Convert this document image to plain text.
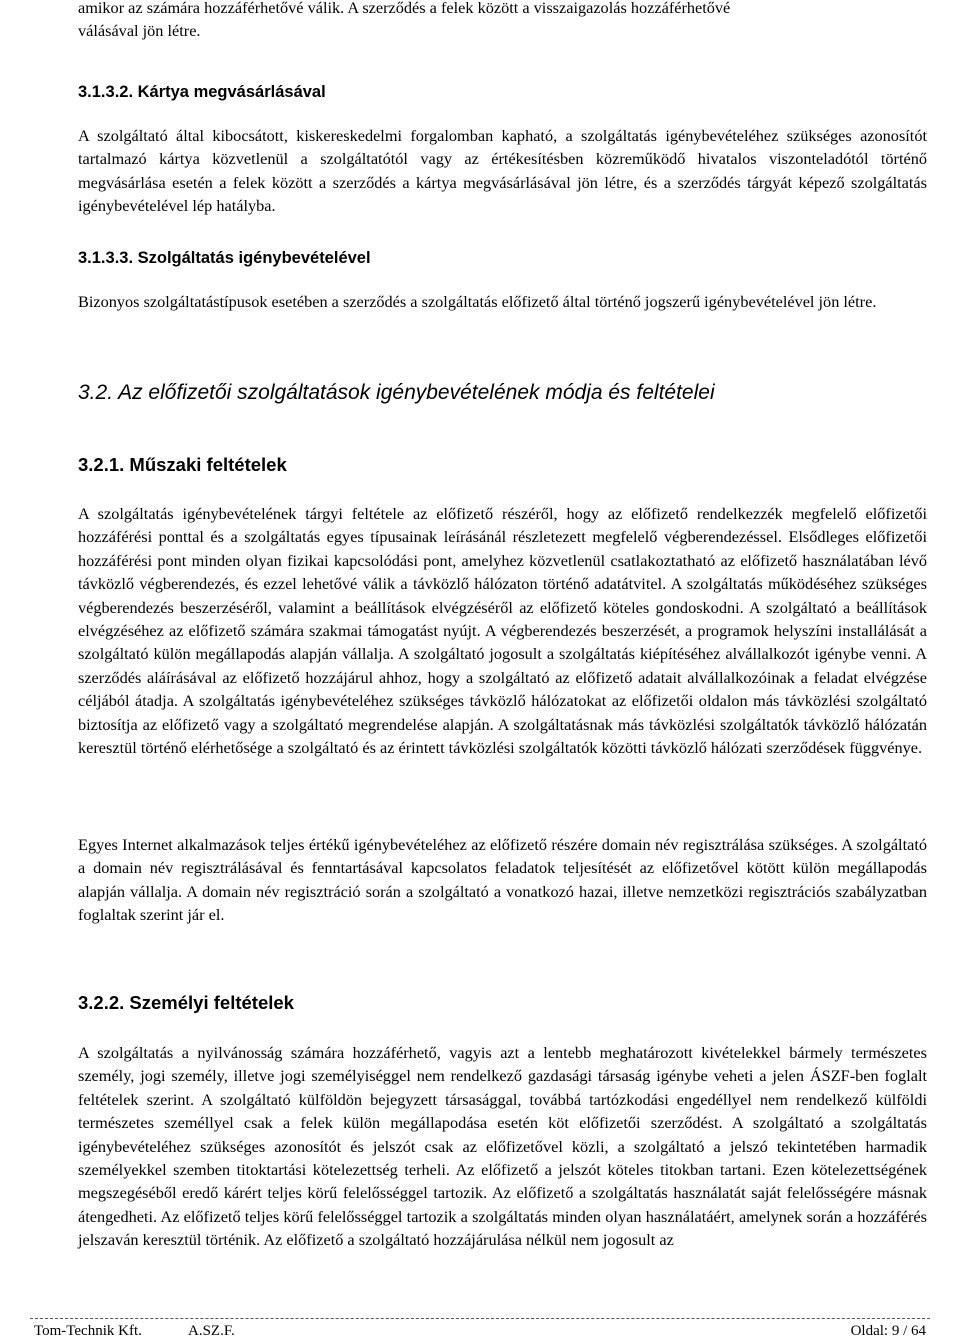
amikor az számára hozzáférhetővé válik. A szerződés a felek között a visszaigazolás hozzáférhetővé
válásával jön létre.
3.1.3.2. Kártya megvásárlásával

A szolgáltató által kibocsátott, kiskereskedelmi forgalomban kapható, a szolgáltatás igénybevételéhez szükséges azonosítót tartalmazó kártya közvetlenül a szolgáltatótól vagy az értékesítésben közreműködő hivatalos viszonteladótól történő megvásárlása esetén a felek között a szerződés a kártya megvásárlásával jön létre, és a szerződés tárgyát képező szolgáltatás igénybevételével lép hatályba.

3.1.3.3. Szolgáltatás igénybevételével

Bizonyos szolgáltatástípusok esetében a szerződés a szolgáltatás előfizető által történő jogszerű igénybevételével jön létre.

3.2. Az előfizetői szolgáltatások igénybevételének módja és feltételei
3.2.1. Műszaki feltételek

A szolgáltatás igénybevételének tárgyi feltétele az előfizető részéről, hogy az előfizető rendelkezzék megfelelő előfizetői hozzáférési ponttal és a szolgáltatás egyes típusainak leírásánál részletezett megfelelő végberendezéssel. Elsődleges előfizetői hozzáférési pont minden olyan fizikai kapcsolódási pont, amelyhez közvetlenül csatlakoztatható az előfizető használatában lévő távközlő végberendezés, és ezzel lehetővé válik a távközlő hálózaton történő adatátvitel. A szolgáltatás működéséhez szükséges végberendezés beszerzéséről, valamint a beállítások elvégzéséről az előfizető köteles gondoskodni. A szolgáltató a beállítások elvégzéséhez az előfizető számára szakmai támogatást nyújt. A végberendezés beszerzését, a programok helyszíni installálását a szolgáltató külön megállapodás alapján vállalja. A szolgáltató jogosult a szolgáltatás kiépítéséhez alvállalkozót igénybe venni. A szerződés aláírásával az előfizető hozzájárul ahhoz, hogy a szolgáltató az előfizető adatait alvállalkozóinak a feladat elvégzése céljából átadja. A szolgáltatás igénybevételéhez szükséges távközlő hálózatokat az előfizetői oldalon más távközlési szolgáltató biztosítja az előfizető vagy a szolgáltató megrendelése alapján. A szolgáltatásnak más távközlési szolgáltatók távközlő hálózatán keresztül történő elérhetősége a szolgáltató és az érintett távközlési szolgáltatók közötti távközlő hálózati szerződések függvénye.

Egyes Internet alkalmazások teljes értékű igénybevételéhez az előfizető részére domain név regisztrálása szükséges. A szolgáltató a domain név regisztrálásával és fenntartásával kapcsolatos feladatok teljesítését az előfizetővel kötött külön megállapodás alapján vállalja. A domain név regisztráció során a szolgáltató a vonatkozó hazai, illetve nemzetközi regisztrációs szabályzatban foglaltak szerint jár el.

3.2.2. Személyi feltételek

A szolgáltatás a nyilvánosság számára hozzáférhető, vagyis azt a lentebb meghatározott kivételekkel bármely természetes személy, jogi személy, illetve jogi személyiséggel nem rendelkező gazdasági társaság igénybe veheti a jelen ÁSZF-ben foglalt feltételek szerint. A szolgáltató külföldön bejegyzett társasággal, továbbá tartózkodási engedéllyel nem rendelkező külföldi természetes személlyel csak a felek külön megállapodása esetén köt előfizetői szerződést. A szolgáltató a szolgáltatás igénybevételéhez szükséges azonosítót és jelszót csak az előfizetővel közli, a szolgáltató a jelszó tekintetében harmadik személyekkel szemben titoktartási kötelezettség terheli. Az előfizető a jelszót köteles titokban tartani. Ezen kötelezettségének megszegéséből eredő kárért teljes körű felelősséggel tartozik. Az előfizető a szolgáltatás használatát saját felelősségére másnak átengedheti. Az előfizető teljes körű felelősséggel tartozik a szolgáltatás minden olyan használatáért, amelynek során a hozzáférés jelszaván keresztül történik. Az előfizető a szolgáltató hozzájárulása nélkül nem jogosult az

Tom-Technik Kft.	A.SZ.F.	Oldal: 9 / 64
